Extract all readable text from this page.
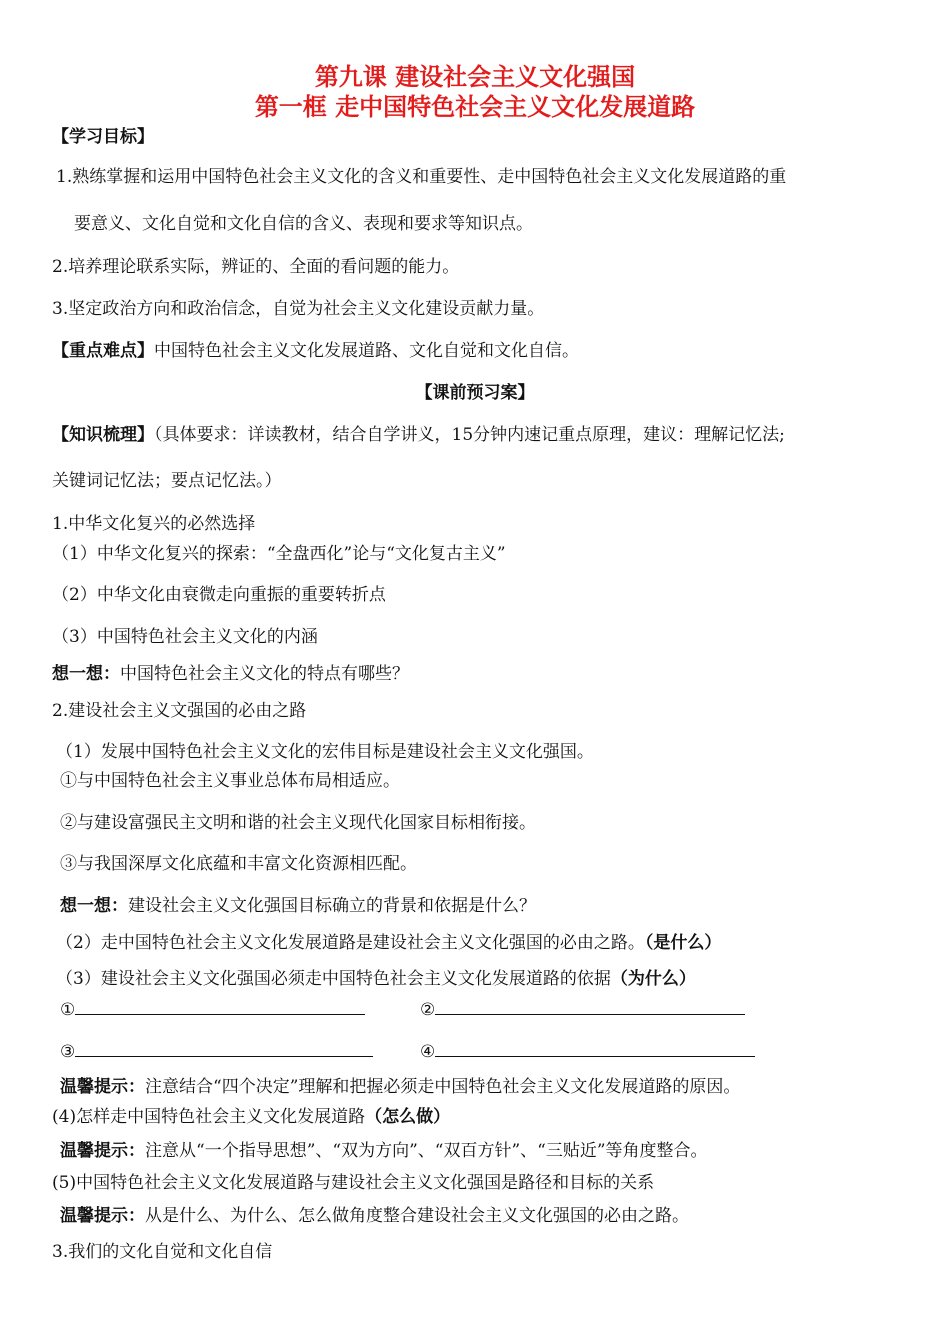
第九课 建设社会主义文化强国
第一框 走中国特色社会主义文化发展道路
【学习目标】
1.熟练掌握和运用中国特色社会主义文化的含义和重要性、走中国特色社会主义文化发展道路的重
要意义、文化自觉和文化自信的含义、表现和要求等知识点。
2.培养理论联系实际，辨证的、全面的看问题的能力。
3.坚定政治方向和政治信念，自觉为社会主义文化建设贡献力量。
【重点难点】中国特色社会主义文化发展道路、文化自觉和文化自信。
【课前预习案】
【知识梳理】（具体要求：详读教材，结合自学讲义，15分钟内速记重点原理，建议：理解记忆法;
关键词记忆法；要点记忆法。）
1.中华文化复兴的必然选择
（1）中华文化复兴的探索：“全盘西化”论与“文化复古主义”
（2）中华文化由衰微走向重振的重要转折点
（3）中国特色社会主义文化的内涵
想一想：中国特色社会主义文化的特点有哪些？
2.建设社会主义文强国的必由之路
（1）发展中国特色社会主义文化的宏伟目标是建设社会主义文化强国。
①与中国特色社会主义事业总体布局相适应。
②与建设富强民主文明和谐的社会主义现代化国家目标相衔接。
③与我国深厚文化底蕴和丰富文化资源相匹配。
想一想：建设社会主义文化强国目标确立的背景和依据是什么？
（2）走中国特色社会主义文化发展道路是建设社会主义文化强国的必由之路。（是什么）
（3）建设社会主义文化强国必须走中国特色社会主义文化发展道路的依据（为什么）
①	②
③	④
温馨提示：注意结合“四个决定”理解和把握必须走中国特色社会主义文化发展道路的原因。
(4)怎样走中国特色社会主义文化发展道路（怎么做）
温馨提示：注意从“一个指导思想”、“双为方向”、“双百方针”、“三贴近”等角度整合。
(5)中国特色社会主义文化发展道路与建设社会主义文化强国是路径和目标的关系
温馨提示：从是什么、为什么、怎么做角度整合建设社会主义文化强国的必由之路。
3.我们的文化自觉和文化自信
